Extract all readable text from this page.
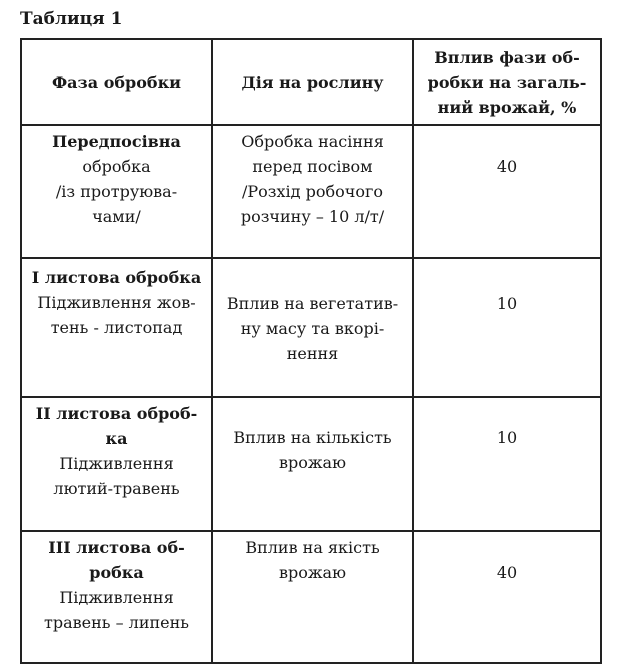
Таблиця 1
Фаза обробки	Дія на рослину	Вплив фази об-
робки на загаль-
ний врожай, %

Передпосівна
обробка
/із протруюва-
чами/	Обробка насіння
перед посівом
/Розхід робочого
розчину – 10 л/т/	40

I листова обробка
Підживлення жов-
тень - листопад	Вплив на вегетатив-
ну масу та вкорі-
нення	10

II листова оброб-
ка
Підживлення
лютий-травень	Вплив на кількість
врожаю	10

III листова об-
робка
Підживлення
травень – липень	Вплив на якість
врожаю	40
